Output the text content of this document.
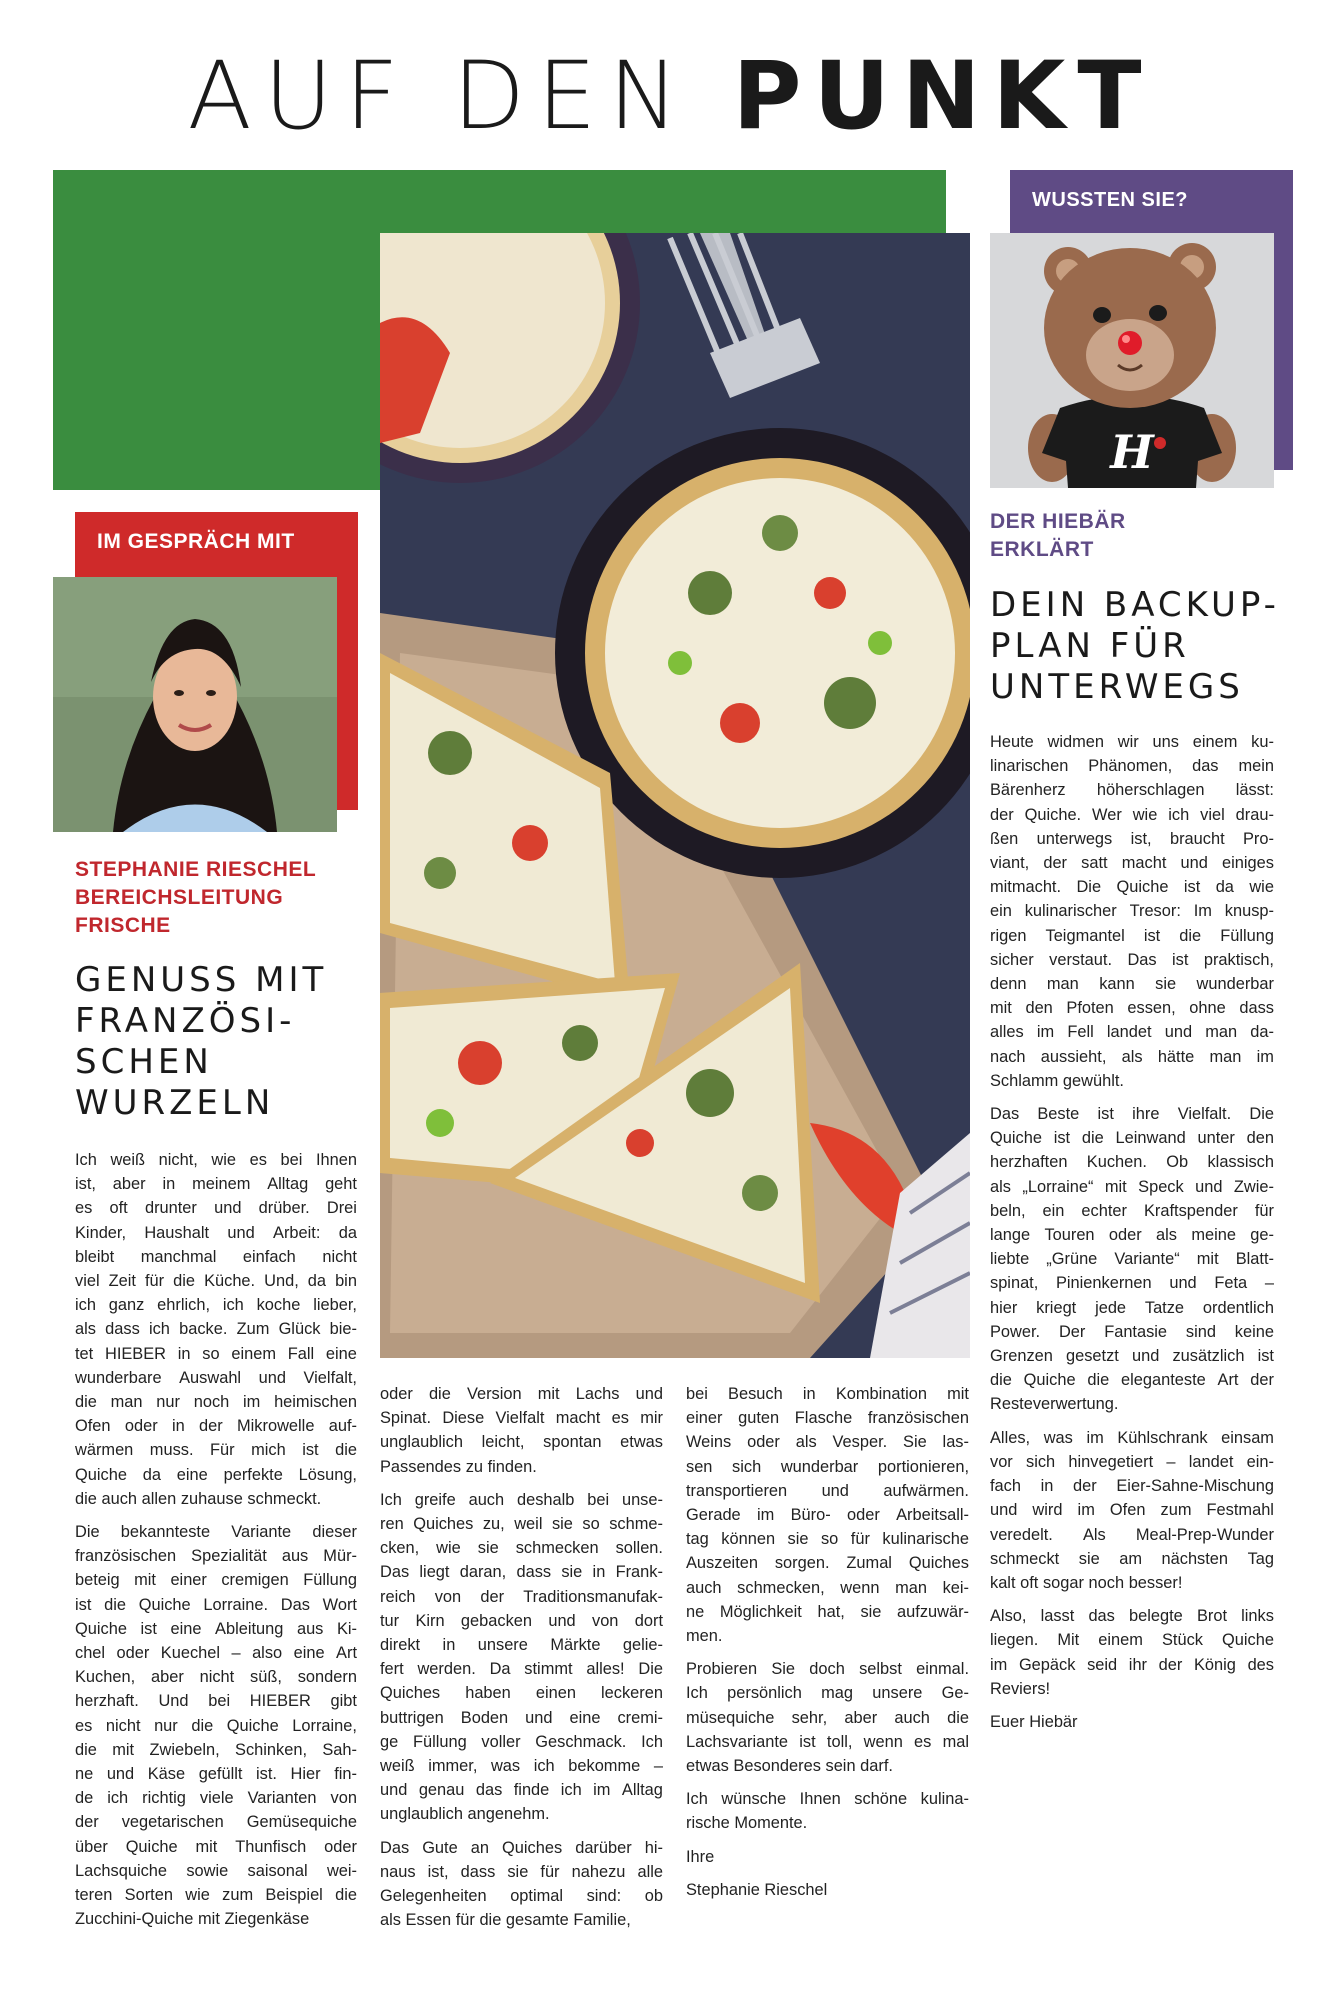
AUF DEN PUNKT
WUSSTEN SIE?
H
DER HIEBÄR
ERKLÄRT
DEIN BACKUP-
PLAN FÜR
UNTERWEGS
IM GESPRÄCH MIT
STEPHANIE RIESCHEL
BEREICHSLEITUNG
FRISCHE
GENUSS MIT
FRANZÖSI-
SCHEN
WURZELN

Ich weiß nicht, wie es bei Ihnen
ist, aber in meinem Alltag geht
es oft drunter und drüber. Drei
Kinder, Haushalt und Arbeit: da
bleibt manchmal einfach nicht
viel Zeit für die Küche. Und, da bin
ich ganz ehrlich, ich koche lieber,
als dass ich backe. Zum Glück bie-
tet HIEBER in so einem Fall eine
wunderbare Auswahl und Vielfalt,
die man nur noch im heimischen
Ofen oder in der Mikrowelle auf-
wärmen muss. Für mich ist die
Quiche da eine perfekte Lösung,
die auch allen zuhause schmeckt.

Die bekannteste Variante dieser
französischen Spezialität aus Mür-
beteig mit einer cremigen Füllung
ist die Quiche Lorraine. Das Wort
Quiche ist eine Ableitung aus Ki-
chel oder Kuechel – also eine Art
Kuchen, aber nicht süß, sondern
herzhaft. Und bei HIEBER gibt
es nicht nur die Quiche Lorraine,
die mit Zwiebeln, Schinken, Sah-
ne und Käse gefüllt ist. Hier fin-
de ich richtig viele Varianten von
der vegetarischen Gemüsequiche
über Quiche mit Thunfisch oder
Lachsquiche sowie saisonal wei-
teren Sorten wie zum Beispiel die
Zucchini-Quiche mit Ziegenkäse

oder die Version mit Lachs und
Spinat. Diese Vielfalt macht es mir
unglaublich leicht, spontan etwas
Passendes zu finden.

Ich greife auch deshalb bei unse-
ren Quiches zu, weil sie so schme-
cken, wie sie schmecken sollen.
Das liegt daran, dass sie in Frank-
reich von der Traditionsmanufak-
tur Kirn gebacken und von dort
direkt in unsere Märkte gelie-
fert werden. Da stimmt alles! Die
Quiches haben einen leckeren
buttrigen Boden und eine cremi-
ge Füllung voller Geschmack. Ich
weiß immer, was ich bekomme –
und genau das finde ich im Alltag
unglaublich angenehm.

Das Gute an Quiches darüber hi-
naus ist, dass sie für nahezu alle
Gelegenheiten optimal sind: ob
als Essen für die gesamte Familie,

bei Besuch in Kombination mit
einer guten Flasche französischen
Weins oder als Vesper. Sie las-
sen sich wunderbar portionieren,
transportieren und aufwärmen.
Gerade im Büro- oder Arbeitsall-
tag können sie so für kulinarische
Auszeiten sorgen. Zumal Quiches
auch schmecken, wenn man kei-
ne Möglichkeit hat, sie aufzuwär-
men.

Probieren Sie doch selbst einmal.
Ich persönlich mag unsere Ge-
müsequiche sehr, aber auch die
Lachsvariante ist toll, wenn es mal
etwas Besonderes sein darf.

Ich wünsche Ihnen schöne kulina-
rische Momente.

Ihre

Stephanie Rieschel

Heute widmen wir uns einem ku-
linarischen Phänomen, das mein
Bärenherz höherschlagen lässt:
der Quiche. Wer wie ich viel drau-
ßen unterwegs ist, braucht Pro-
viant, der satt macht und einiges
mitmacht. Die Quiche ist da wie
ein kulinarischer Tresor: Im knusp-
rigen Teigmantel ist die Füllung
sicher verstaut. Das ist praktisch,
denn man kann sie wunderbar
mit den Pfoten essen, ohne dass
alles im Fell landet und man da-
nach aussieht, als hätte man im
Schlamm gewühlt.

Das Beste ist ihre Vielfalt. Die
Quiche ist die Leinwand unter den
herzhaften Kuchen. Ob klassisch
als „Lorraine“ mit Speck und Zwie-
beln, ein echter Kraftspender für
lange Touren oder als meine ge-
liebte „Grüne Variante“ mit Blatt-
spinat, Pinienkernen und Feta –
hier kriegt jede Tatze ordentlich
Power. Der Fantasie sind keine
Grenzen gesetzt und zusätzlich ist
die Quiche die eleganteste Art der
Resteverwertung.

Alles, was im Kühlschrank einsam
vor sich hinvegetiert – landet ein-
fach in der Eier-Sahne-Mischung
und wird im Ofen zum Festmahl
veredelt. Als Meal-Prep-Wunder
schmeckt sie am nächsten Tag
kalt oft sogar noch besser!

Also, lasst das belegte Brot links
liegen. Mit einem Stück Quiche
im Gepäck seid ihr der König des
Reviers!

Euer Hiebär
